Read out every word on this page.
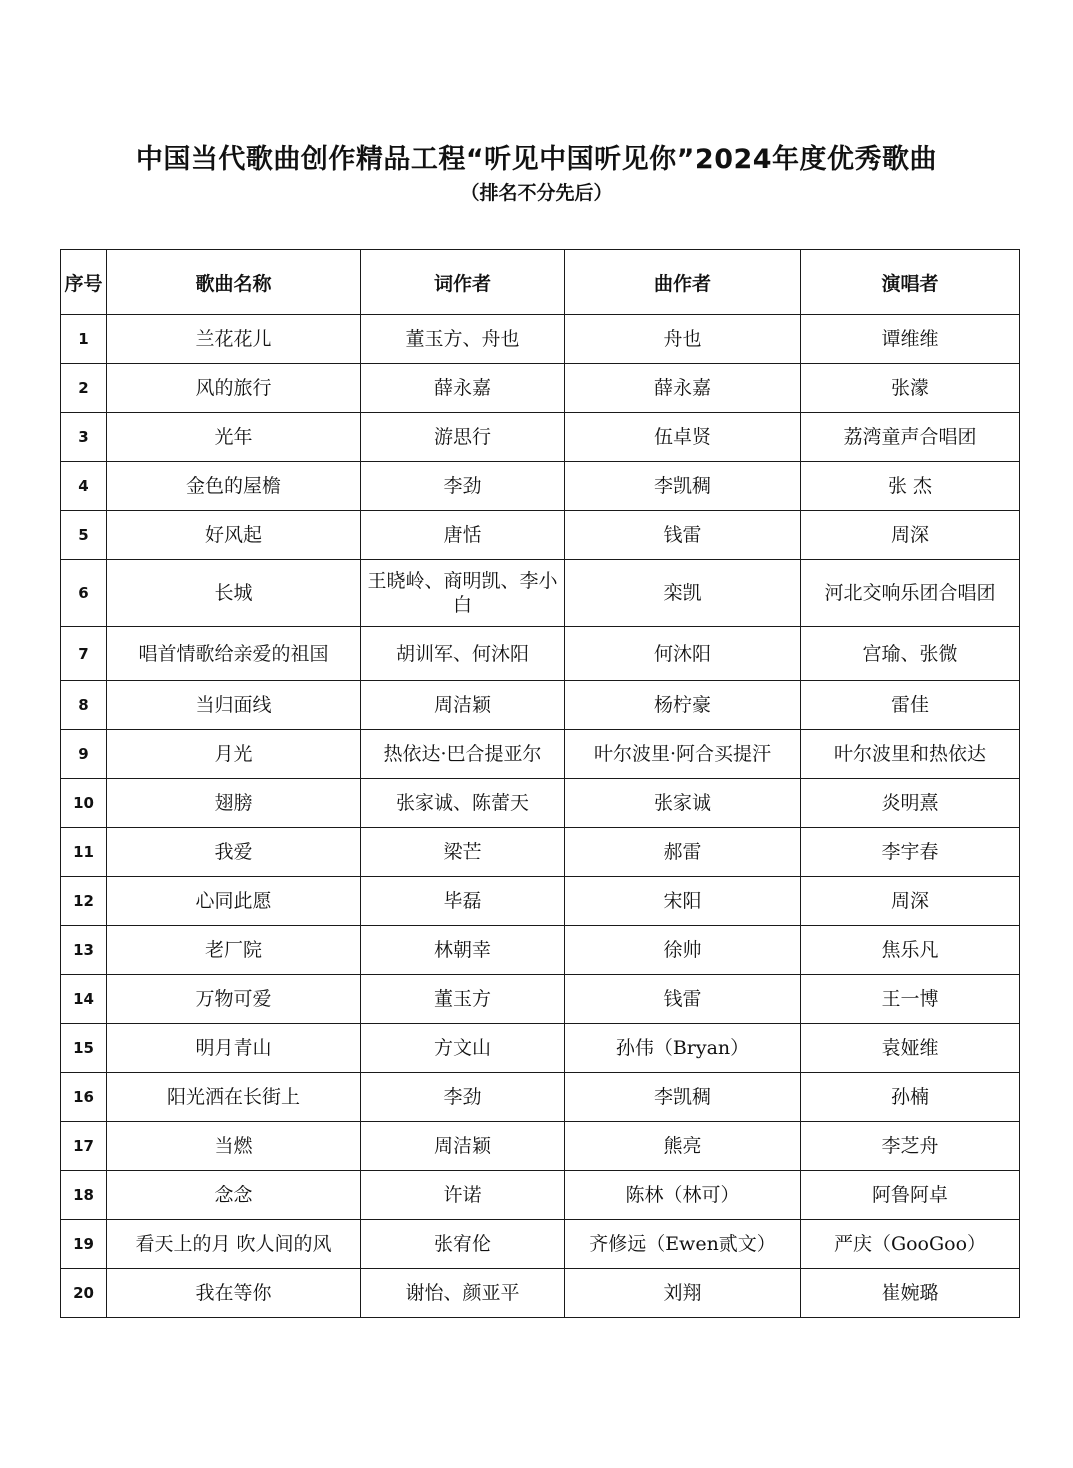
中国当代歌曲创作精品工程“听见中国听见你”2024年度优秀歌曲
（排名不分先后）
序号	歌曲名称	词作者	曲作者	演唱者
1	兰花花儿	董玉方、舟也	舟也	谭维维
2	风的旅行	薛永嘉	薛永嘉	张濛
3	光年	游思行	伍卓贤	荔湾童声合唱团
4	金色的屋檐	李劲	李凯稠	张 杰
5	好风起	唐恬	钱雷	周深
6	长城	王晓岭、商明凯、李小白	栾凯	河北交响乐团合唱团
7	唱首情歌给亲爱的祖国	胡训军、何沐阳	何沐阳	宫瑜、张微
8	当归面线	周洁颖	杨柠豪	雷佳
9	月光	热依达·巴合提亚尔	叶尔波里·阿合买提汗	叶尔波里和热依达
10	翅膀	张家诚、陈蕾天	张家诚	炎明熹
11	我爱	梁芒	郝雷	李宇春
12	心同此愿	毕磊	宋阳	周深
13	老厂院	林朝幸	徐帅	焦乐凡
14	万物可爱	董玉方	钱雷	王一博
15	明月青山	方文山	孙伟（Bryan）	袁娅维
16	阳光洒在长街上	李劲	李凯稠	孙楠
17	当燃	周洁颖	熊亮	李芝舟
18	念念	许诺	陈林（林可）	阿鲁阿卓
19	看天上的月 吹人间的风	张宥伦	齐修远（Ewen贰文）	严庆（GooGoo）
20	我在等你	谢怡、颜亚平	刘翔	崔婉璐
